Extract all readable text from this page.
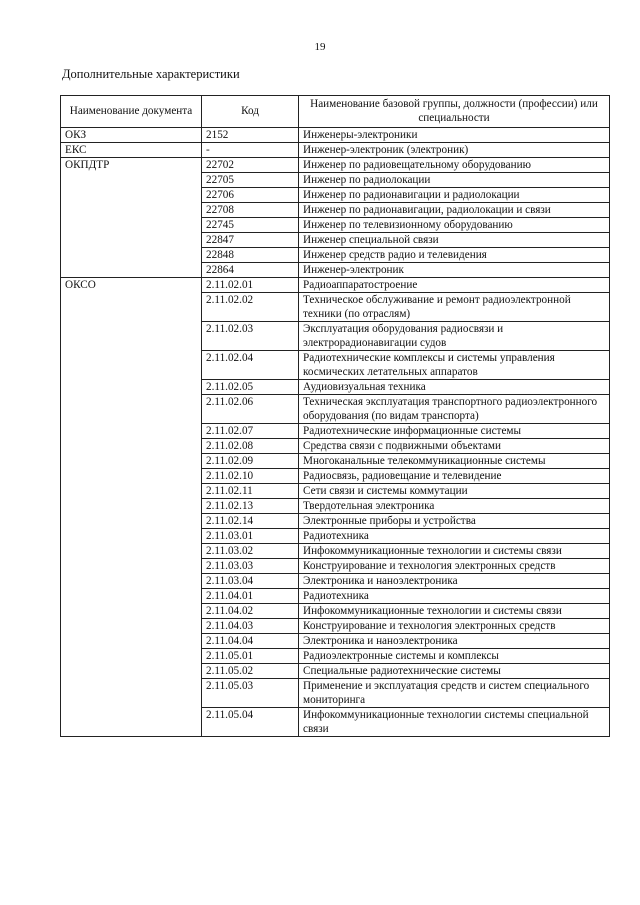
19
Дополнительные характеристики
Наименование документа	Код	Наименование базовой группы, должности (профессии) или специальности
ОКЗ	2152	Инженеры-электроники
ЕКС	-	Инженер-электроник (электроник)
ОКПДТР	22702	Инженер по радиовещательному оборудованию
	22705	Инженер по радиолокации
	22706	Инженер по радионавигации и радиолокации
	22708	Инженер по радионавигации, радиолокации и связи
	22745	Инженер по телевизионному оборудованию
	22847	Инженер специальной связи
	22848	Инженер средств радио и телевидения
	22864	Инженер-электроник
ОКСО	2.11.02.01	Радиоаппаратостроение
	2.11.02.02	Техническое обслуживание и ремонт радиоэлектронной техники (по отраслям)
	2.11.02.03	Эксплуатация оборудования радиосвязи и электрорадионавигации судов
	2.11.02.04	Радиотехнические комплексы и системы управления космических летательных аппаратов
	2.11.02.05	Аудиовизуальная техника
	2.11.02.06	Техническая эксплуатация транспортного радиоэлектронного оборудования (по видам транспорта)
	2.11.02.07	Радиотехнические информационные системы
	2.11.02.08	Средства связи с подвижными объектами
	2.11.02.09	Многоканальные телекоммуникационные системы
	2.11.02.10	Радиосвязь, радиовещание и телевидение
	2.11.02.11	Сети связи и системы коммутации
	2.11.02.13	Твердотельная электроника
	2.11.02.14	Электронные приборы и устройства
	2.11.03.01	Радиотехника
	2.11.03.02	Инфокоммуникационные технологии и системы связи
	2.11.03.03	Конструирование и технология электронных средств
	2.11.03.04	Электроника и наноэлектроника
	2.11.04.01	Радиотехника
	2.11.04.02	Инфокоммуникационные технологии и системы связи
	2.11.04.03	Конструирование и технология электронных средств
	2.11.04.04	Электроника и наноэлектроника
	2.11.05.01	Радиоэлектронные системы и комплексы
	2.11.05.02	Специальные радиотехнические системы
	2.11.05.03	Применение и эксплуатация средств и систем специального мониторинга
	2.11.05.04	Инфокоммуникационные технологии системы специальной связи
